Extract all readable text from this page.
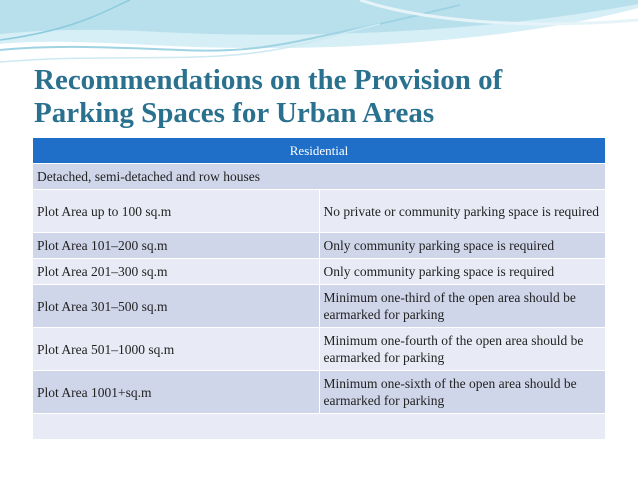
Recommendations on the Provision of
Parking Spaces for Urban Areas
Residential	
Detached, semi-detached and row houses	
Plot Area up to 100 sq.m	No private or community parking space is required
Plot Area 101–200 sq.m	Only community parking space is required
Plot Area 201–300 sq.m	Only community parking space is required
Plot Area 301–500 sq.m	Minimum one-third of the open area should be earmarked for parking
Plot Area 501–1000 sq.m	Minimum one-fourth of the open area should be earmarked for parking
Plot Area 1001+sq.m	Minimum one-sixth of the open area should be earmarked for parking
